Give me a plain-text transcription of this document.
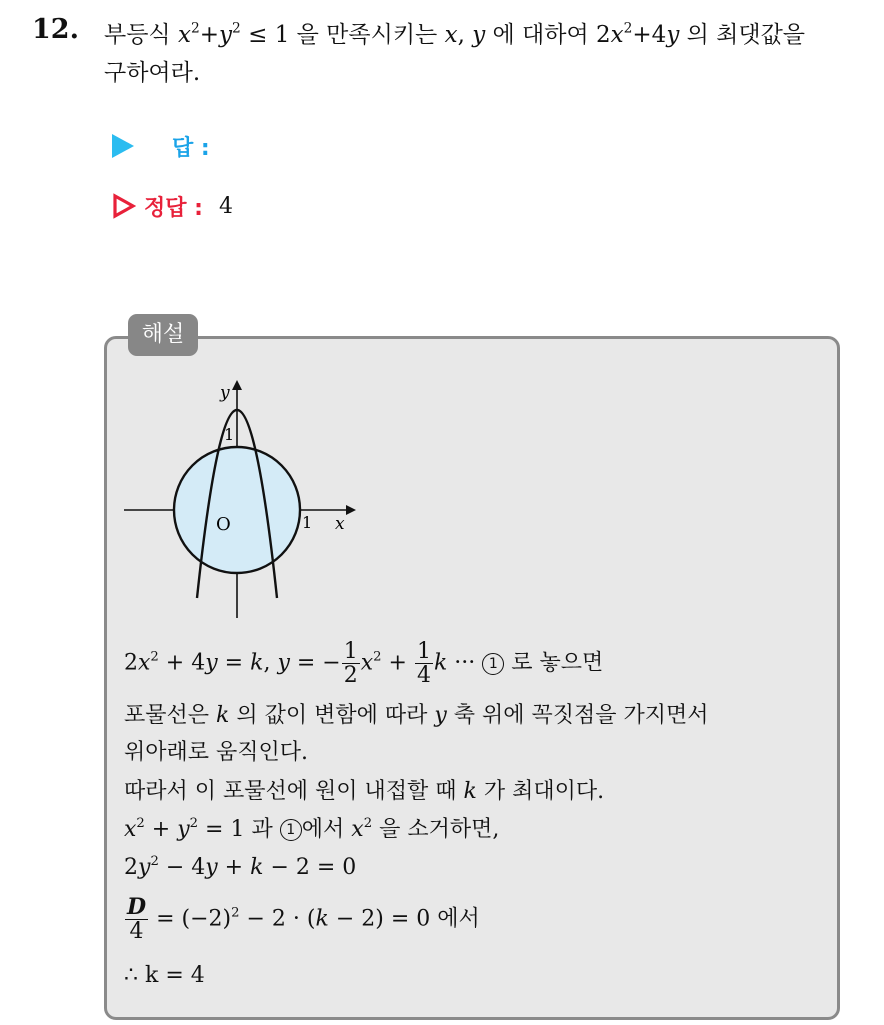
12. 부등식 $x^2+y^2 \le 1$ 을 만족시키는 x, y 에 대하여 $2x^2+4y$ 의 최댓값을
구하여라.
답 :
정답 : 4
해설
y
x
O
1
1
$2x^2 + 4y = k$, y = − $\frac{1}{2} x^2 + \frac{1}{4}$ k ··· 1 로 놓으면
포물선은 k 의 값이 변함에 따라 y 축 위에 꼭짓점을 가지면서
위아래로 움직인다.
따라서 이 포물선에 원이 내접할 때 k 가 최대이다.
$x^2 + y^2 = 1$ 과 1 에서 $x^2$ 을 소거하면,
$2y^2 - 4y + k - 2 = 0$
$\frac{D}{4} = (-2)^2 - 2 \cdot (k - 2) = 0$ 에서
∴ k = 4
